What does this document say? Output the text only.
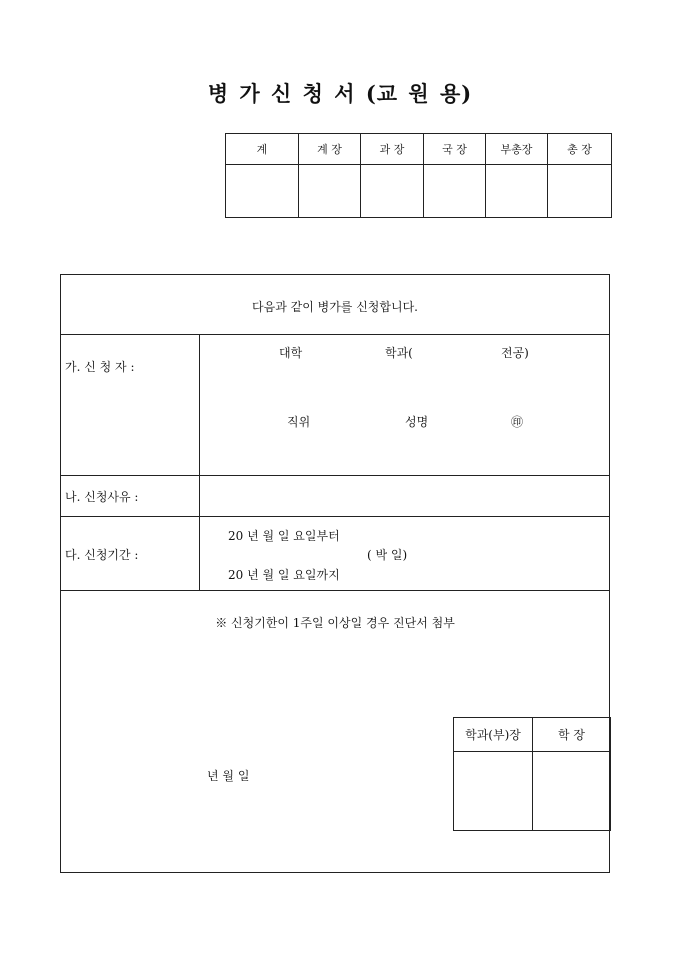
병 가 신 청 서 (교 원 용)
계	계 장	과 장	국 장	부총장	총 장

다음과 같이 병가를 신청합니다.
가. 신 청 자 :
대학	학과(	전공)
직위	성명	㊞
나. 신청사유 :
다. 신청기간 :
20 년 월 일 요일부터
( 박 일)
20 년 월 일 요일까지
※ 신청기한이 1주일 이상일 경우 진단서 첨부
년 월 일
학과(부)장	학 장
